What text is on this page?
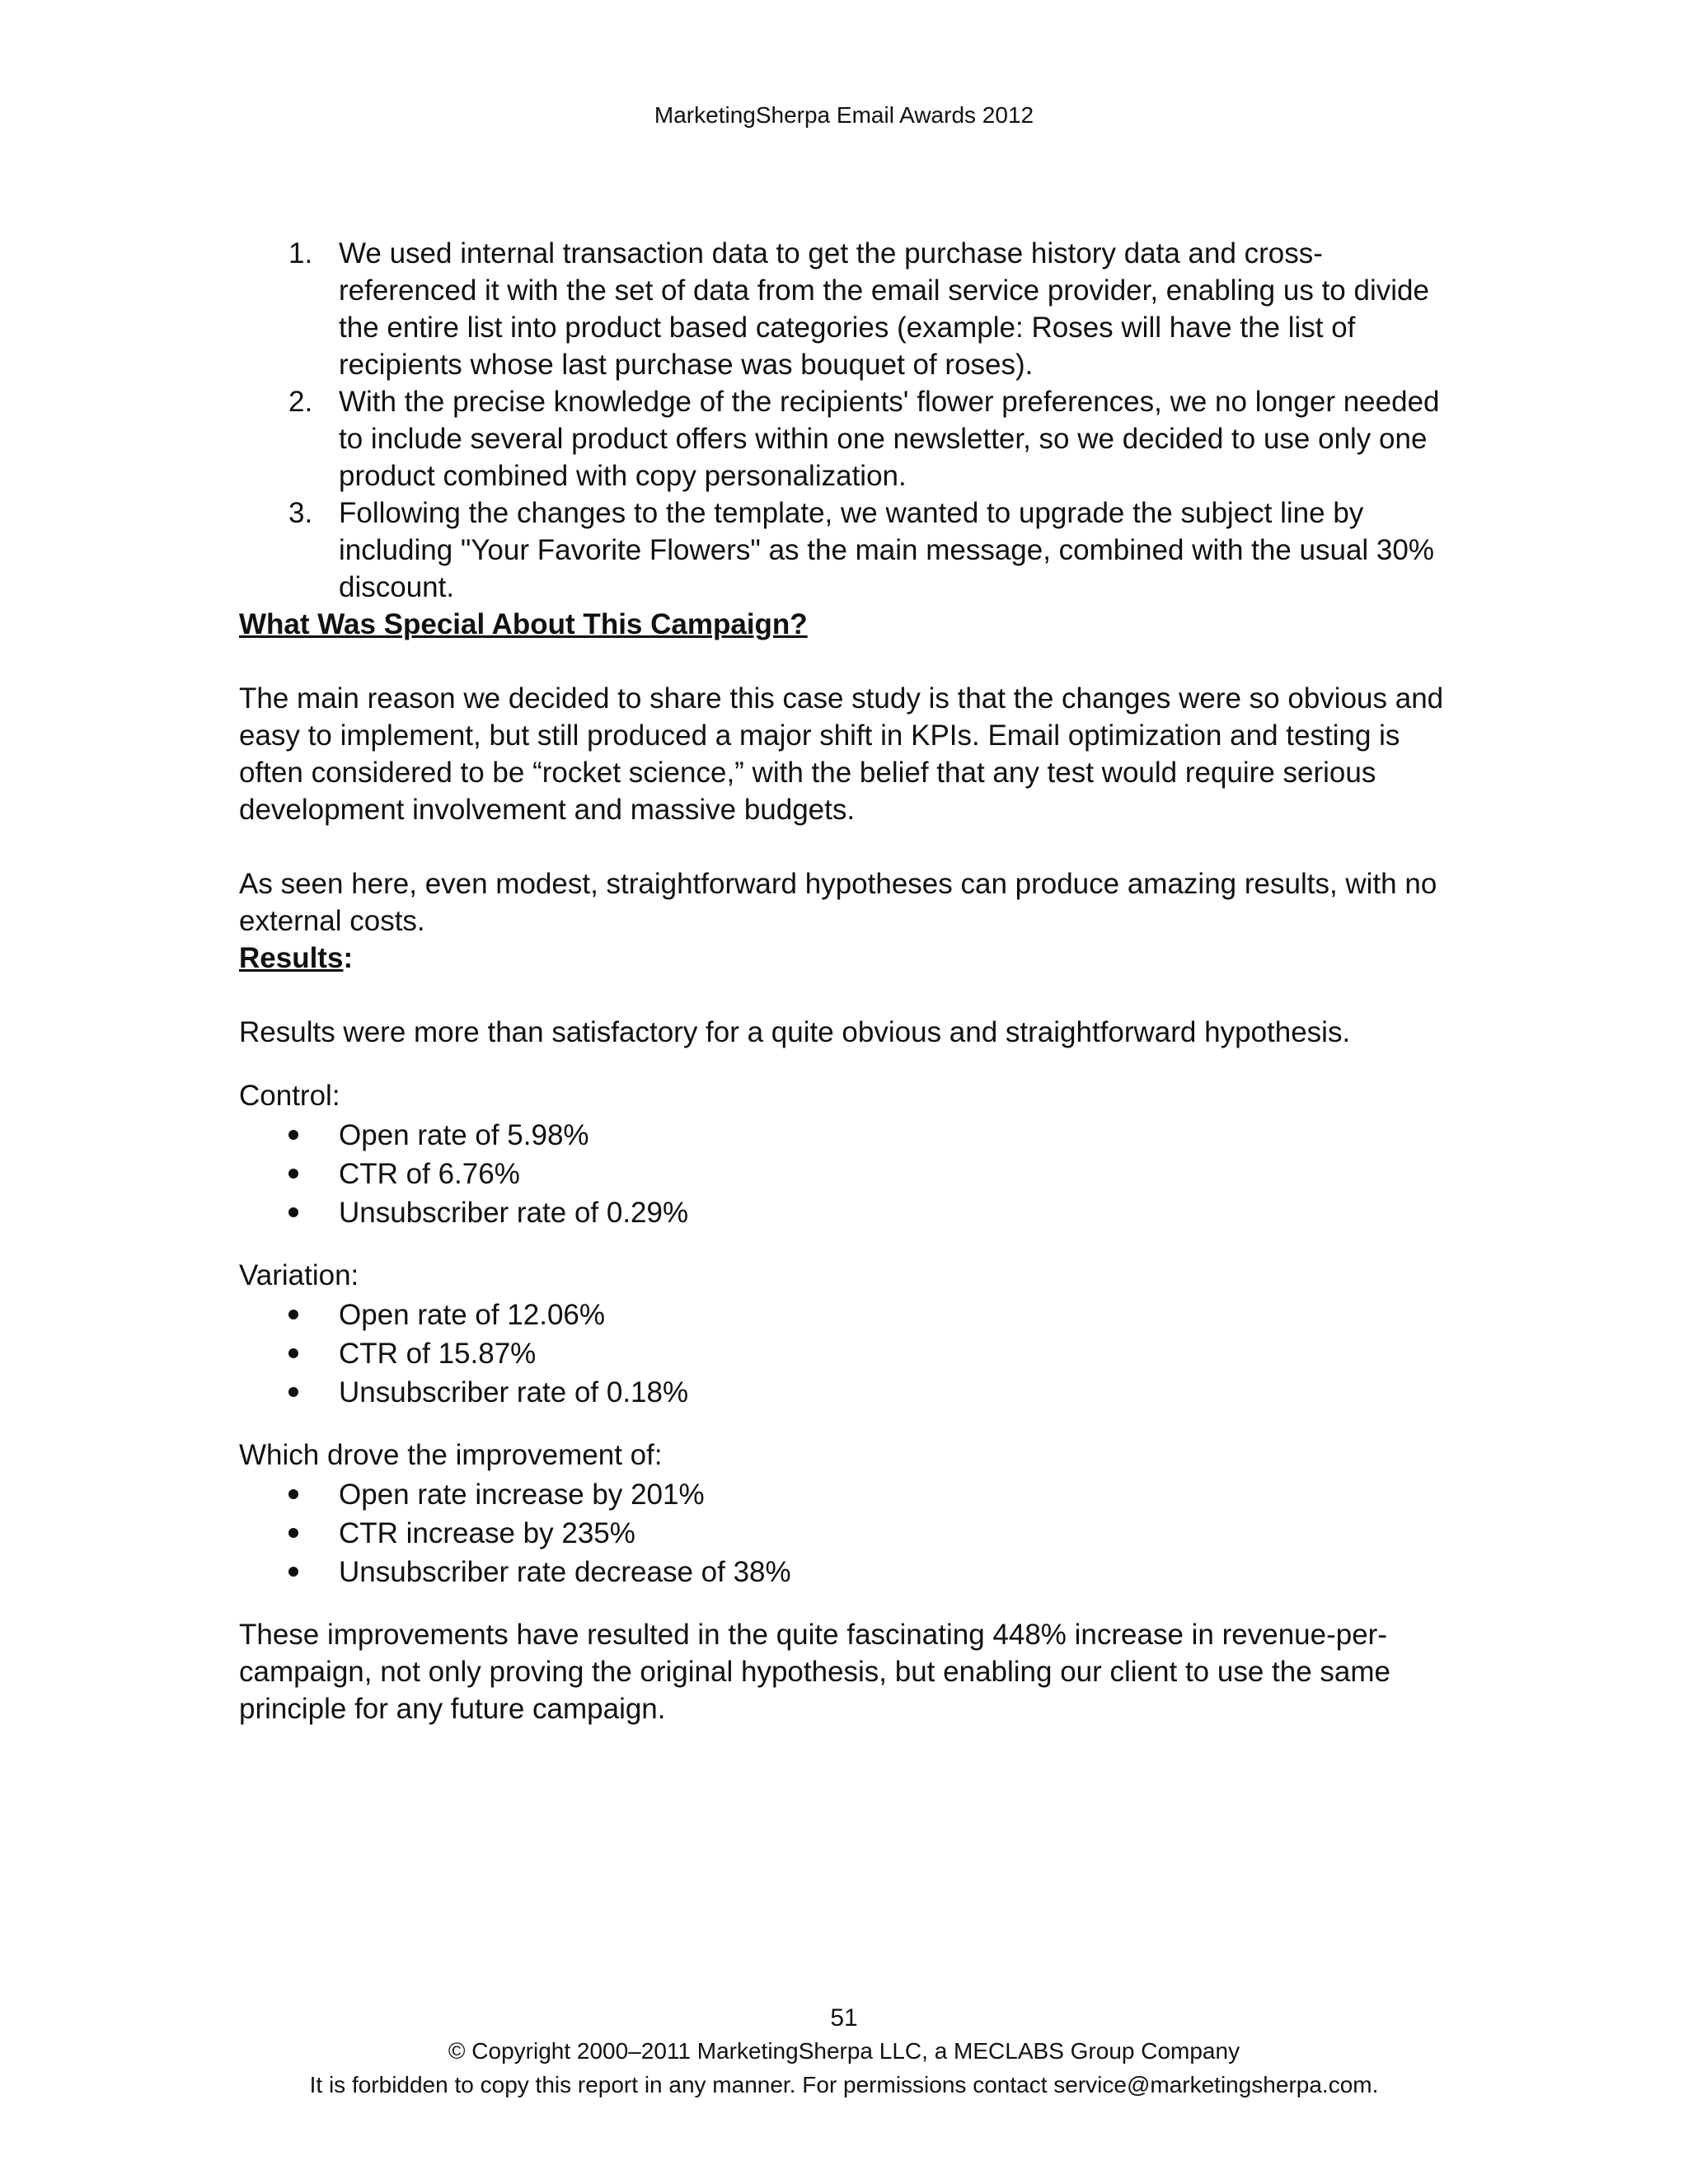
MarketingSherpa Email Awards 2012
1. We used internal transaction data to get the purchase history data and cross-referenced it with the set of data from the email service provider, enabling us to divide the entire list into product based categories (example: Roses will have the list of recipients whose last purchase was bouquet of roses).
2. With the precise knowledge of the recipients' flower preferences, we no longer needed to include several product offers within one newsletter, so we decided to use only one product combined with copy personalization.
3. Following the changes to the template, we wanted to upgrade the subject line by including "Your Favorite Flowers" as the main message, combined with the usual 30% discount.
What Was Special About This Campaign?

The main reason we decided to share this case study is that the changes were so obvious and easy to implement, but still produced a major shift in KPIs. Email optimization and testing is often considered to be “rocket science,” with the belief that any test would require serious development involvement and massive budgets.

As seen here, even modest, straightforward hypotheses can produce amazing results, with no external costs.

Results:

Results were more than satisfactory for a quite obvious and straightforward hypothesis.

Control:

Open rate of 5.98%
CTR of 6.76%
Unsubscriber rate of 0.29%

Variation:

Open rate of 12.06%
CTR of 15.87%
Unsubscriber rate of 0.18%

Which drove the improvement of:

Open rate increase by 201%
CTR increase by 235%
Unsubscriber rate decrease of 38%

These improvements have resulted in the quite fascinating 448% increase in revenue-per-campaign, not only proving the original hypothesis, but enabling our client to use the same principle for any future campaign.

51
© Copyright 2000–2011 MarketingSherpa LLC, a MECLABS Group Company
It is forbidden to copy this report in any manner. For permissions contact service@marketingsherpa.com.
